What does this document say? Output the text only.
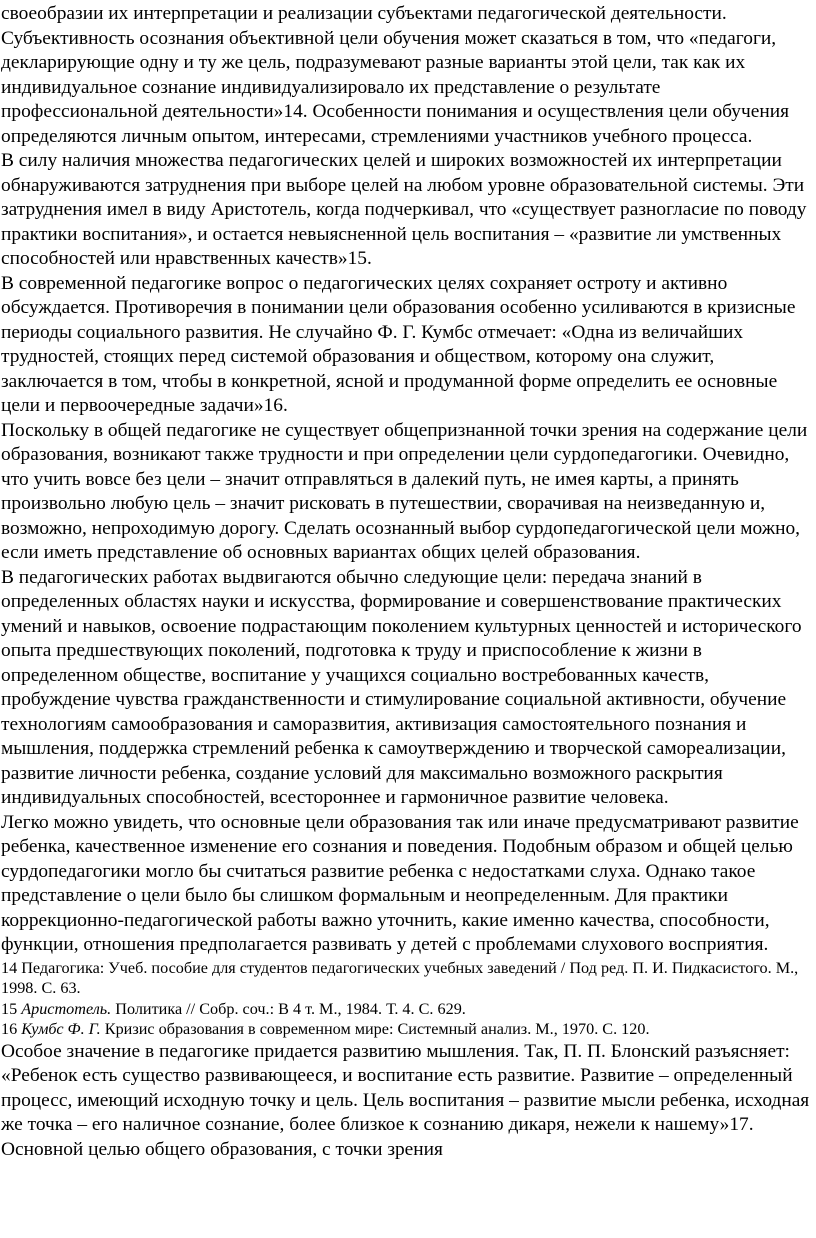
своеобразии их интерпретации и реализации субъектами педагогической деятельности. Субъективность осознания объективной цели обучения может сказаться в том, что «педагоги, декларирующие одну и ту же цель, подразумевают разные варианты этой цели, так как их индивидуальное сознание индивидуализировало их представление о результате профессиональной деятельности»14. Особенности понимания и осуществления цели обучения определяются личным опытом, интересами, стремлениями участников учебного процесса.

В силу наличия множества педагогических целей и широких возможностей их интерпретации обнаруживаются затруднения при выборе целей на любом уровне образовательной системы. Эти затруднения имел в виду Аристотель, когда подчеркивал, что «существует разногласие по поводу практики воспитания», и остается невыясненной цель воспитания – «развитие ли умственных способностей или нравственных качеств»15.

В современной педагогике вопрос о педагогических целях сохраняет остроту и активно обсуждается. Противоречия в понимании цели образования особенно усиливаются в кризисные периоды социального развития. Не случайно Ф. Г. Кумбс отмечает: «Одна из величайших трудностей, стоящих перед системой образования и обществом, которому она служит, заключается в том, чтобы в конкретной, ясной и продуманной форме определить ее основные цели и первоочередные задачи»16.

Поскольку в общей педагогике не существует общепризнанной точки зрения на содержание цели образования, возникают также трудности и при определении цели сурдопедагогики. Очевидно, что учить вовсе без цели – значит отправляться в далекий путь, не имея карты, а принять произвольно любую цель – значит рисковать в путешествии, сворачивая на неизведанную и, возможно, непроходимую дорогу. Сделать осознанный выбор сурдопедагогической цели можно, если иметь представление об основных вариантах общих целей образования.

В педагогических работах выдвигаются обычно следующие цели: передача знаний в определенных областях науки и искусства, формирование и совершенствование практических умений и навыков, освоение подрастающим поколением культурных ценностей и исторического опыта предшествующих поколений, подготовка к труду и приспособление к жизни в определенном обществе, воспитание у учащихся социально востребованных качеств, пробуждение чувства гражданственности и стимулирование социальной активности, обучение технологиям самообразования и саморазвития, активизация самостоятельного познания и мышления, поддержка стремлений ребенка к самоутверждению и творческой самореализации, развитие личности ребенка, создание условий для максимально возможного раскрытия индивидуальных способностей, всестороннее и гармоничное развитие человека.

Легко можно увидеть, что основные цели образования так или иначе предусматривают развитие ребенка, качественное изменение его сознания и поведения. Подобным образом и общей целью сурдопедагогики могло бы считаться развитие ребенка с недостатками слуха. Однако такое представление о цели было бы слишком формальным и неопределенным. Для практики коррекционно-педагогической работы важно уточнить, какие именно качества, способности, функции, отношения предполагается развивать у детей с проблемами слухового восприятия.

14 Педагогика: Учеб. пособие для студентов педагогических учебных заведений / Под ред. П. И. Пидкасистого. М., 1998. С. 63.

15 Аристотель. Политика // Собр. соч.: В 4 т. М., 1984. Т. 4. С. 629.

16 Кумбс Ф. Г. Кризис образования в современном мире: Системный анализ. М., 1970. С. 120.

Особое значение в педагогике придается развитию мышления. Так, П. П. Блонский разъясняет: «Ребенок есть существо развивающееся, и воспитание есть развитие. Развитие – определенный процесс, имеющий исходную точку и цель. Цель воспитания – развитие мысли ребенка, исходная же точка – его наличное сознание, более близкое к сознанию дикаря, нежели к нашему»17. Основной целью общего образования, с точки зрения
